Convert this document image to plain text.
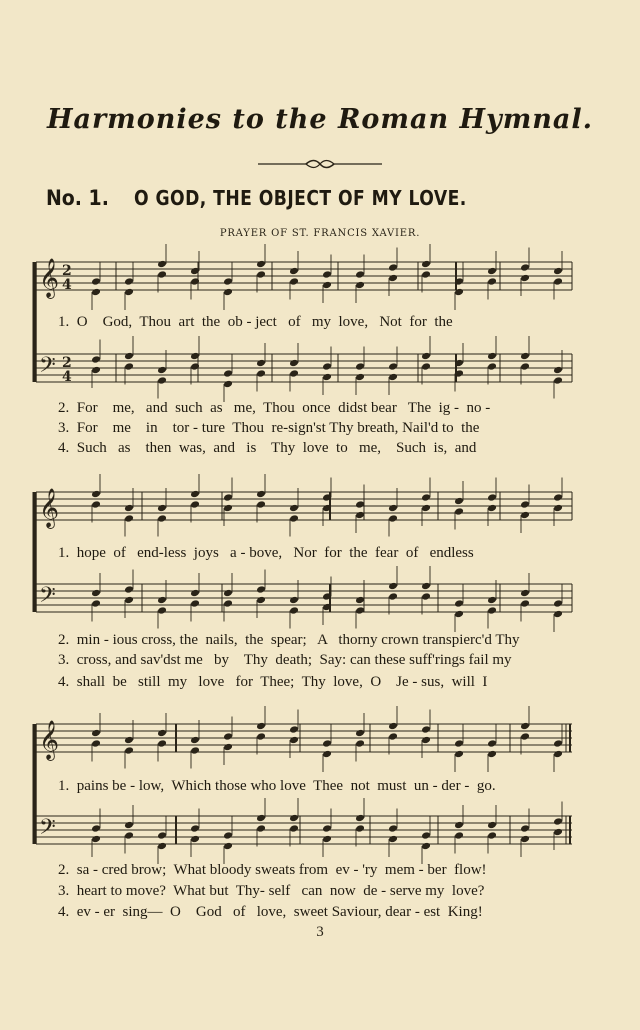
Harmonies to the Roman Hymnal.
No. 1. O GOD, THE OBJECT OF MY LOVE.
PRAYER OF ST. FRANCIS XAVIER.
𝄞
𝄢
2
2
4
4
𝄞
𝄢
𝄞
𝄢
1.  O    God,  Thou  art  the  ob - ject   of   my  love,   Not  for  the
2.  For    me,   and  such  as   me,  Thou  once  didst bear   The  ig -  no -
3.  For    me    in    tor - ture  Thou  re-sign'st Thy breath, Nail'd to  the
4.  Such   as    then  was,  and   is    Thy  love  to   me,    Such  is,  and
1.  hope  of   end-less  joys   a - bove,   Nor  for  the  fear  of   endless
2.  min - ious cross, the  nails,  the  spear;   A   thorny crown transpierc'd Thy
3.  cross, and sav'dst me   by    Thy  death;  Say: can these suff'rings fail my
4.  shall  be   still  my   love   for  Thee;  Thy  love,  O    Je - sus,  will  I
1.  pains be - low,  Which those who love  Thee  not  must  un - der -  go.
2.  sa - cred brow;  What bloody sweats from  ev - 'ry  mem - ber  flow!
3.  heart to move?  What but  Thy- self   can  now  de - serve my  love?
4.  ev - er  sing—  O    God   of   love,  sweet Saviour, dear - est  King!
3
